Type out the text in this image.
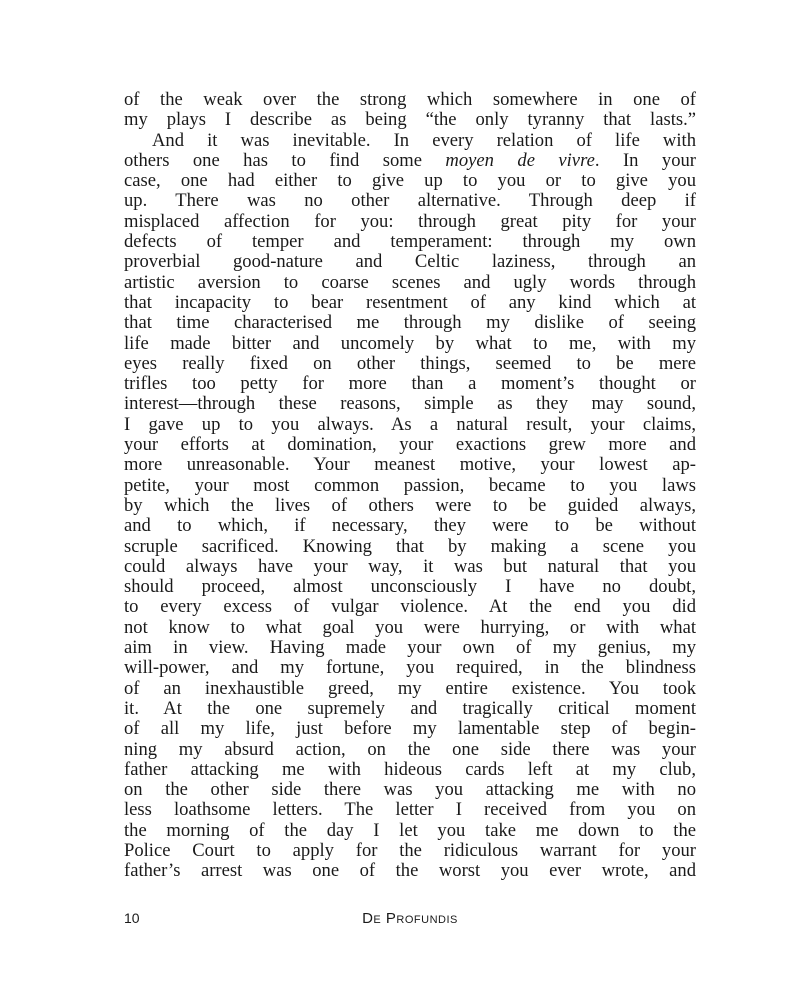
of the weak over the strong which somewhere in one of
my plays I describe as being “the only tyranny that lasts.”
And it was inevitable. In every relation of life with
others one has to find some moyen de vivre. In your
case, one had either to give up to you or to give you
up. There was no other alternative. Through deep if
misplaced affection for you: through great pity for your
defects of temper and temperament: through my own
proverbial good-nature and Celtic laziness, through an
artistic aversion to coarse scenes and ugly words through
that incapacity to bear resentment of any kind which at
that time characterised me through my dislike of seeing
life made bitter and uncomely by what to me, with my
eyes really fixed on other things, seemed to be mere
trifles too petty for more than a moment’s thought or
interest—through these reasons, simple as they may sound,
I gave up to you always. As a natural result, your claims,
your efforts at domination, your exactions grew more and
more unreasonable. Your meanest motive, your lowest ap-
petite, your most common passion, became to you laws
by which the lives of others were to be guided always,
and to which, if necessary, they were to be without
scruple sacrificed. Knowing that by making a scene you
could always have your way, it was but natural that you
should proceed, almost unconsciously I have no doubt,
to every excess of vulgar violence. At the end you did
not know to what goal you were hurrying, or with what
aim in view. Having made your own of my genius, my
will-power, and my fortune, you required, in the blindness
of an inexhaustible greed, my entire existence. You took
it. At the one supremely and tragically critical moment
of all my life, just before my lamentable step of begin-
ning my absurd action, on the one side there was your
father attacking me with hideous cards left at my club,
on the other side there was you attacking me with no
less loathsome letters. The letter I received from you on
the morning of the day I let you take me down to the
Police Court to apply for the ridiculous warrant for your
father’s arrest was one of the worst you ever wrote, and
10	De Profundis
